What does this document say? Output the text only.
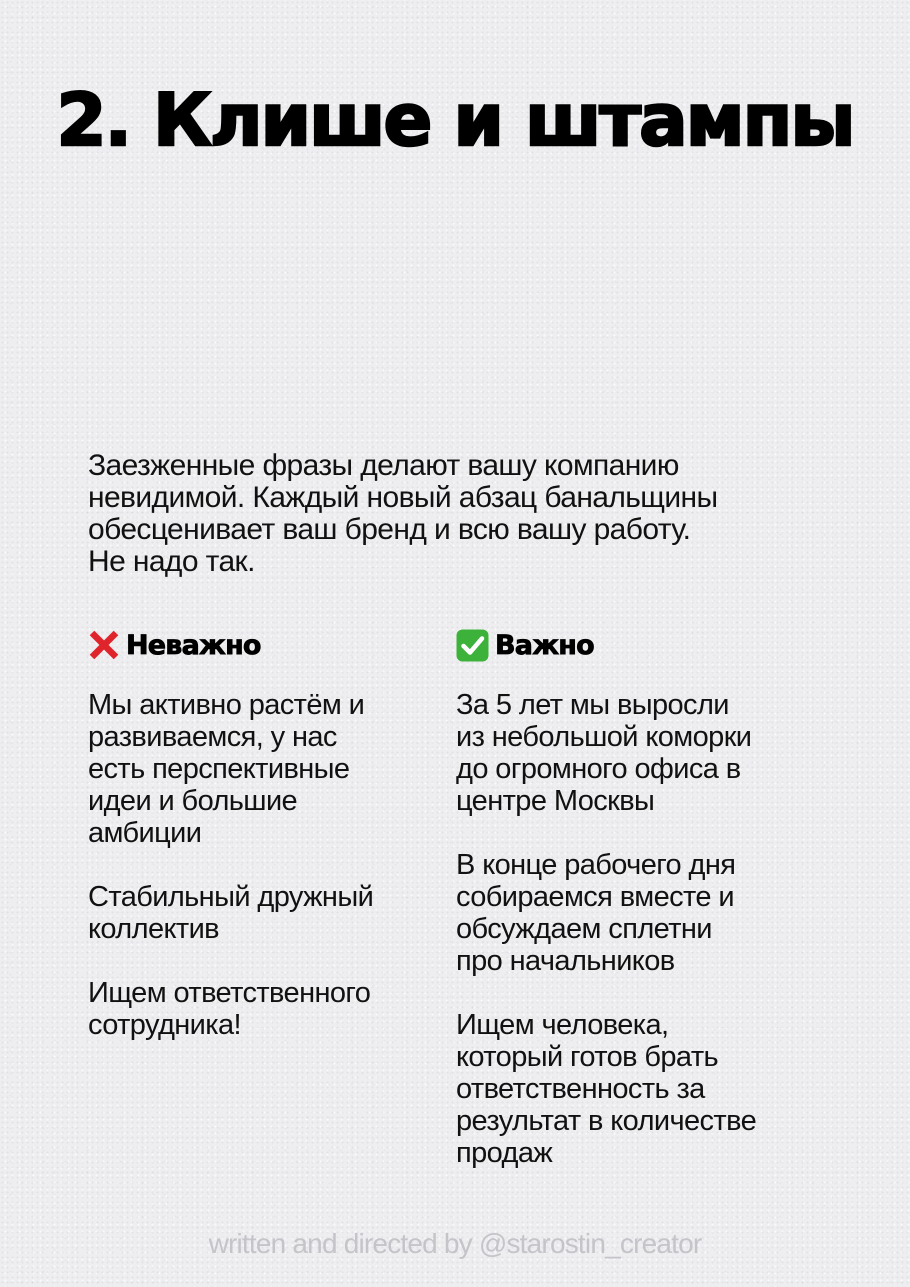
2. Клише и штампы

Заезженные фразы делают вашу компанию
невидимой. Каждый новый абзац банальщины
обесценивает ваш бренд и всю вашу работу.
Не надо так.

Неважно
Мы активно растём и
развиваемся, у нас
есть перспективные
идеи и большие
амбиции
Стабильный дружный
коллектив
Ищем ответственного
сотрудника!
Важно
За 5 лет мы выросли
из небольшой коморки
до огромного офиса в
центре Москвы
В конце рабочего дня
собираемся вместе и
обсуждаем сплетни
про начальников
Ищем человека,
который готов брать
ответственность за
результат в количестве
продаж
written and directed by @starostin_creator
